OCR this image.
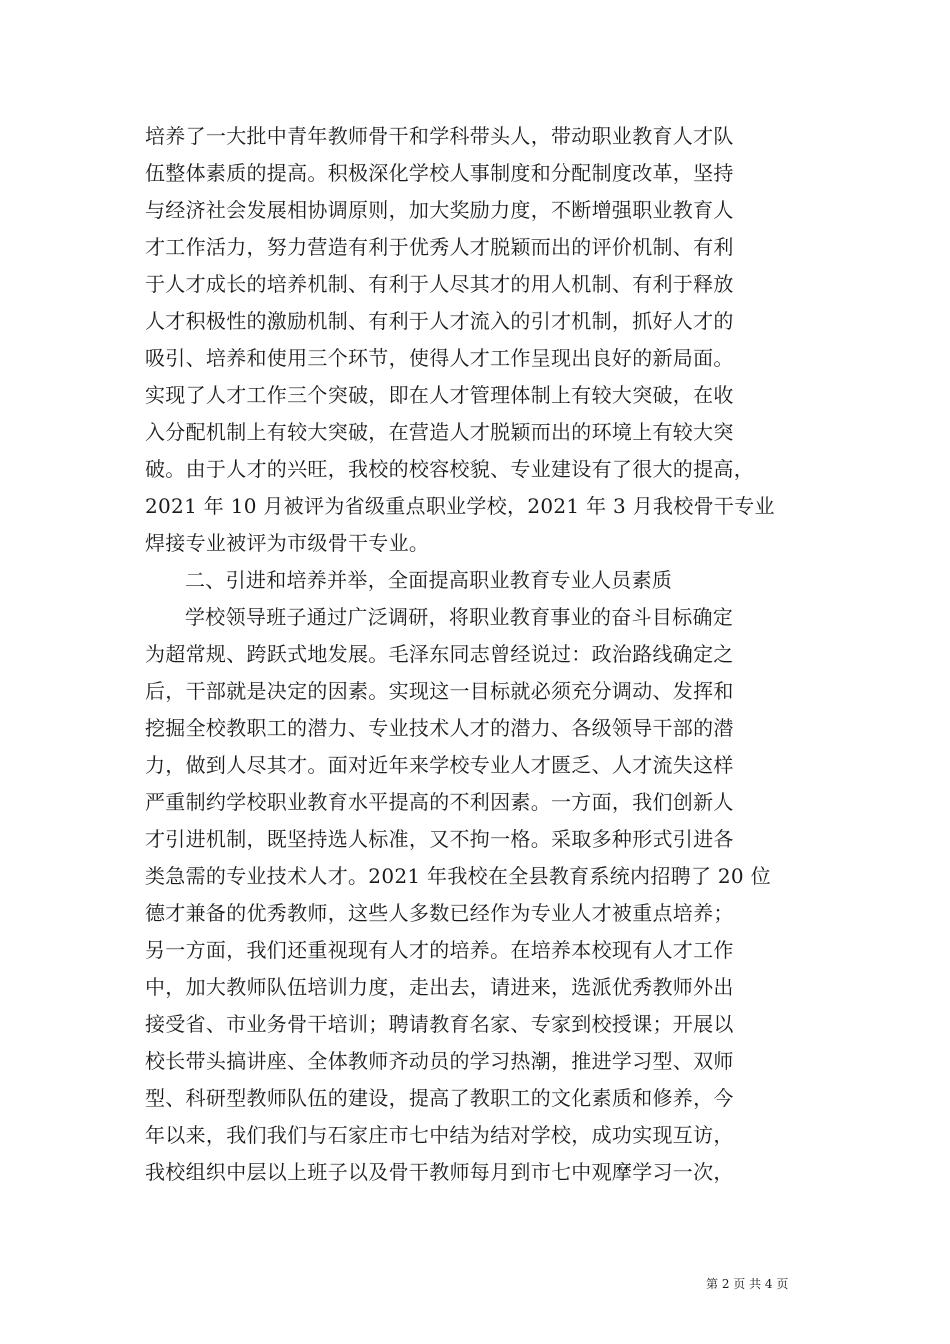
培养了一大批中青年教师骨干和学科带头人，带动职业教育人才队
伍整体素质的提高。积极深化学校人事制度和分配制度改革，坚持
与经济社会发展相协调原则，加大奖励力度，不断增强职业教育人
才工作活力，努力营造有利于优秀人才脱颖而出的评价机制、有利
于人才成长的培养机制、有利于人尽其才的用人机制、有利于释放
人才积极性的激励机制、有利于人才流入的引才机制，抓好人才的
吸引、培养和使用三个环节，使得人才工作呈现出良好的新局面。
实现了人才工作三个突破，即在人才管理体制上有较大突破，在收
入分配机制上有较大突破，在营造人才脱颖而出的环境上有较大突
破。由于人才的兴旺，我校的校容校貌、专业建设有了很大的提高，
2021 年 10 月被评为省级重点职业学校，2021 年 3 月我校骨干专业
焊接专业被评为市级骨干专业。
二、引进和培养并举，全面提高职业教育专业人员素质
学校领导班子通过广泛调研，将职业教育事业的奋斗目标确定
为超常规、跨跃式地发展。毛泽东同志曾经说过：政治路线确定之
后，干部就是决定的因素。实现这一目标就必须充分调动、发挥和
挖掘全校教职工的潜力、专业技术人才的潜力、各级领导干部的潜
力，做到人尽其才。面对近年来学校专业人才匮乏、人才流失这样
严重制约学校职业教育水平提高的不利因素。一方面，我们创新人
才引进机制，既坚持选人标准，又不拘一格。采取多种形式引进各
类急需的专业技术人才。2021 年我校在全县教育系统内招聘了 20 位
德才兼备的优秀教师，这些人多数已经作为专业人才被重点培养；
另一方面，我们还重视现有人才的培养。在培养本校现有人才工作
中，加大教师队伍培训力度，走出去，请进来，选派优秀教师外出
接受省、市业务骨干培训；聘请教育名家、专家到校授课；开展以
校长带头搞讲座、全体教师齐动员的学习热潮，推进学习型、双师
型、科研型教师队伍的建设，提高了教职工的文化素质和修养，今
年以来，我们我们与石家庄市七中结为结对学校，成功实现互访，
我校组织中层以上班子以及骨干教师每月到市七中观摩学习一次，
第 2 页 共 4 页
